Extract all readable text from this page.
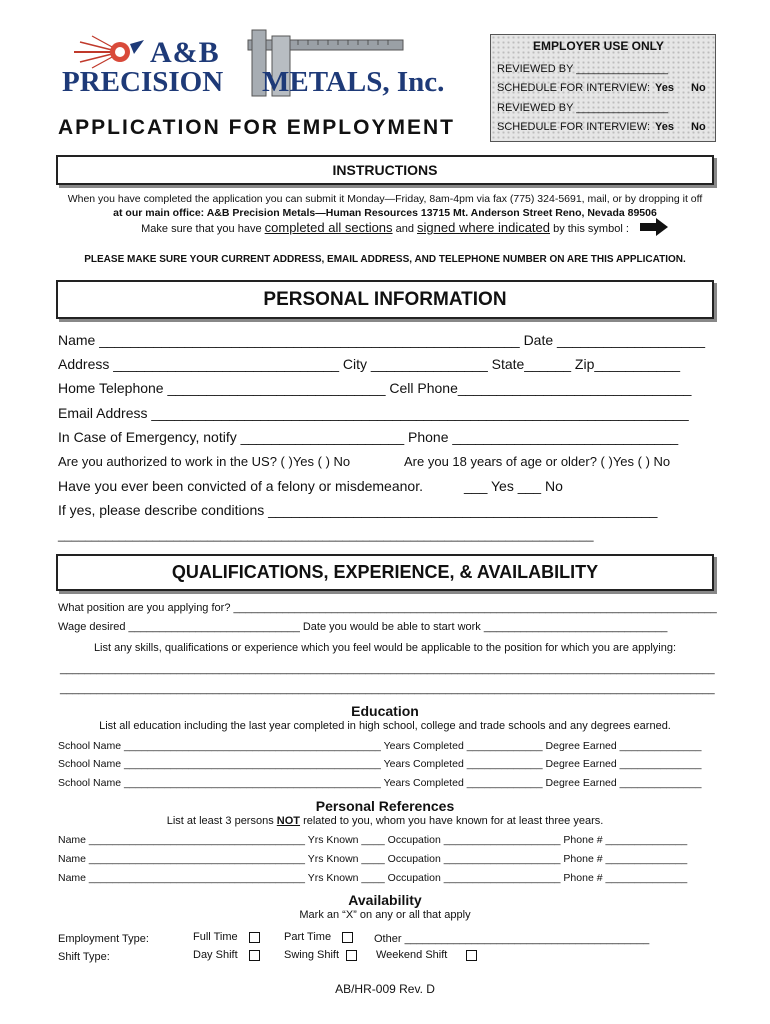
A&B
PRECISION METALS, Inc.
APPLICATION FOR EMPLOYMENT
EMPLOYER USE ONLY
REVIEWED BY _______________
SCHEDULE FOR INTERVIEW: Yes No
REVIEWED BY _______________
SCHEDULE FOR INTERVIEW: Yes No
INSTRUCTIONS
When you have completed the application you can submit it Monday—Friday, 8am-4pm via fax (775) 324-5691, mail, or by dropping it off
at our main office: A&B Precision Metals—Human Resources 13715 Mt. Anderson Street Reno, Nevada 89506
Make sure that you have completed all sections and signed where indicated by this symbol :
PLEASE MAKE SURE YOUR CURRENT ADDRESS, EMAIL ADDRESS, AND TELEPHONE NUMBER ON ARE THIS APPLICATION.
PERSONAL INFORMATION
Name ______________________________________________________ Date ___________________
Address _____________________________ City _______________ State______ Zip___________
Home Telephone ____________________________ Cell Phone______________________________
Email Address _____________________________________________________________________
In Case of Emergency, notify _____________________ Phone _____________________________
Are you authorized to work in the US? ( )Yes ( ) No	Are you 18 years of age or older? ( )Yes ( ) No
Have you ever been convicted of a felony or misdemeanor.	___ Yes ___ No
If yes, please describe conditions __________________________________________________
_______________________________________________________________________________
QUALIFICATIONS, EXPERIENCE, & AVAILABILITY
What position are you applying for? _______________________________________________________________________________
Wage desired ____________________________ Date you would be able to start work ______________________________
List any skills, qualifications or experience which you feel would be applicable to the position for which you are applying:
___________________________________________________________________________________________________________
___________________________________________________________________________________________________________
Education
List all education including the last year completed in high school, college and trade schools and any degrees earned.
School Name ____________________________________________ Years Completed _____________ Degree Earned ______________
School Name ____________________________________________ Years Completed _____________ Degree Earned ______________
School Name ____________________________________________ Years Completed _____________ Degree Earned ______________
Personal References
List at least 3 persons NOT related to you, whom you have known for at least three years.
Name _____________________________________ Yrs Known ____ Occupation ____________________ Phone # ______________
Name _____________________________________ Yrs Known ____ Occupation ____________________ Phone # ______________
Name _____________________________________ Yrs Known ____ Occupation ____________________ Phone # ______________
Availability
Mark an “X” on any or all that apply
Employment Type:	Full Time	Part Time	Other ________________________________________
Shift Type:	Day Shift	Swing Shift	Weekend Shift
AB/HR-009 Rev. D
